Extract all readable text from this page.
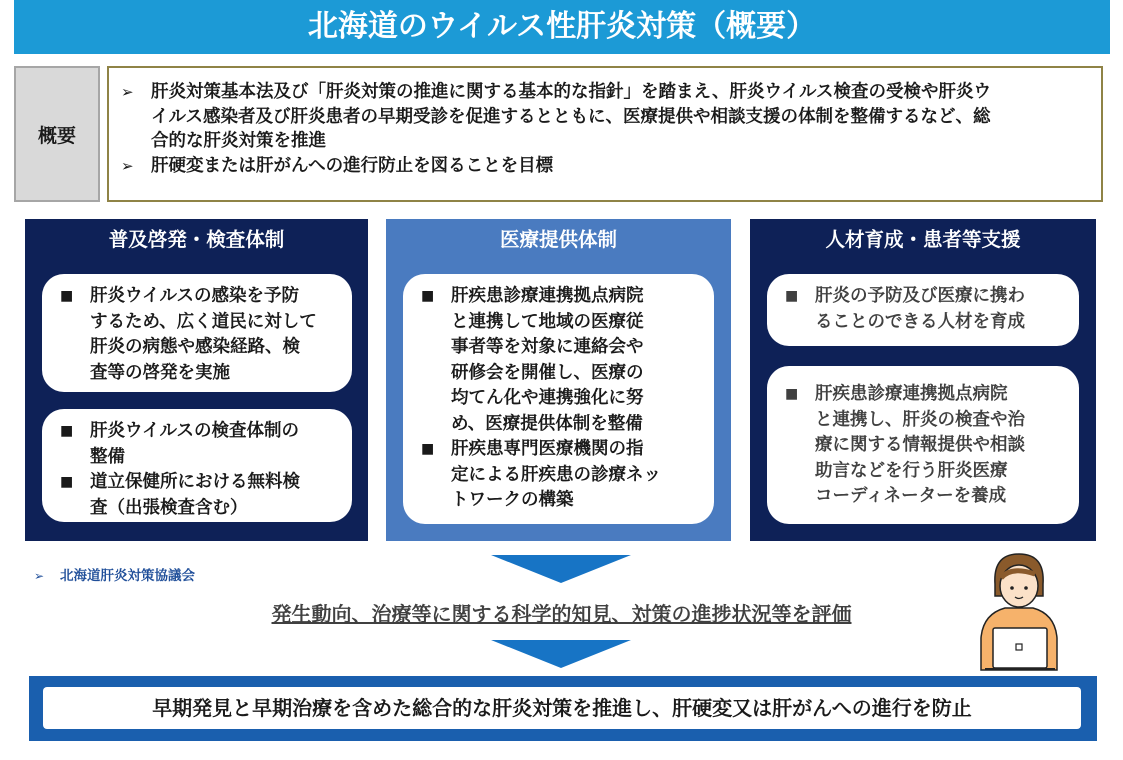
北海道のウイルス性肝炎対策（概要）
概要
➢ 肝炎対策基本法及び「肝炎対策の推進に関する基本的な指針」を踏まえ、肝炎ウイルス検査の受検や肝炎ウ
イルス感染者及び肝炎患者の早期受診を促進するとともに、医療提供や相談支援の体制を整備するなど、総
合的な肝炎対策を推進
➢ 肝硬変または肝がんへの進行防止を図ることを目標
普及啓発・検査体制
■ 肝炎ウイルスの感染を予防
するため、広く道民に対して
肝炎の病態や感染経路、検
査等の啓発を実施
■ 肝炎ウイルスの検査体制の
整備
■ 道立保健所における無料検
査（出張検査含む）
医療提供体制
■ 肝疾患診療連携拠点病院
と連携して地域の医療従
事者等を対象に連絡会や
研修会を開催し、医療の
均てん化や連携強化に努
め、医療提供体制を整備
■ 肝疾患専門医療機関の指
定による肝疾患の診療ネッ
トワークの構築
人材育成・患者等支援
■ 肝炎の予防及び医療に携わ
ることのできる人材を育成
■ 肝疾患診療連携拠点病院
と連携し、肝炎の検査や治
療に関する情報提供や相談
助言などを行う肝炎医療
コーディネーターを養成
➢ 北海道肝炎対策協議会
発生動向、治療等に関する科学的知見、対策の進捗状況等を評価
早期発見と早期治療を含めた総合的な肝炎対策を推進し、肝硬変又は肝がんへの進行を防止
